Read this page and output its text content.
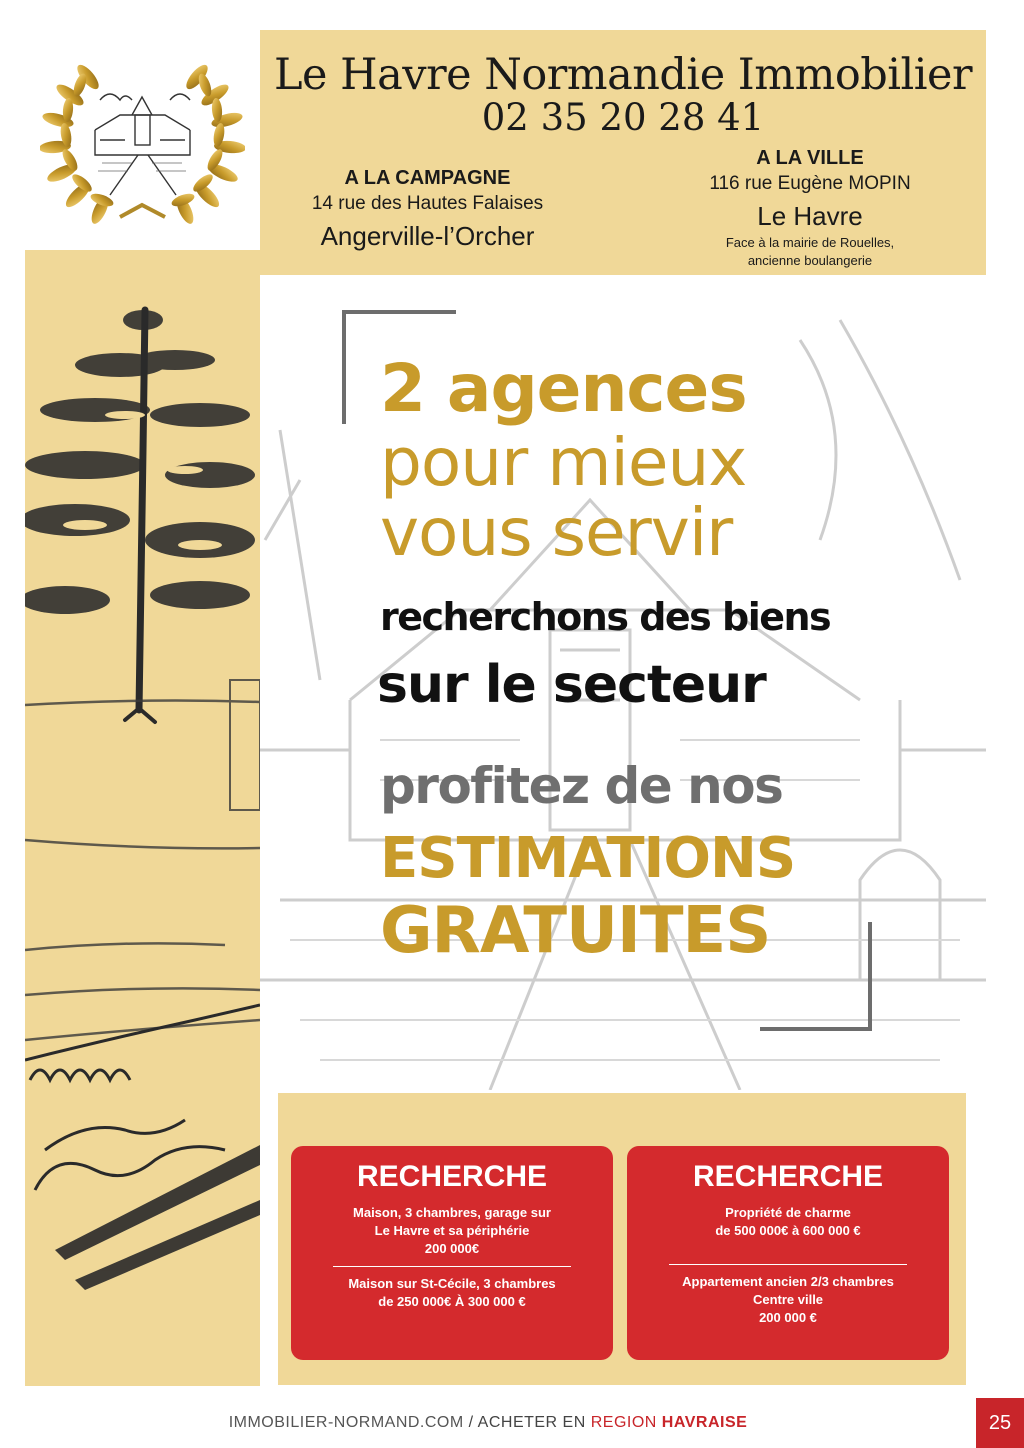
Le Havre Normandie Immobilier
02 35 20 28 41
A LA CAMPAGNE
14 rue des Hautes Falaises
Angerville-l’Orcher
A LA VILLE
116 rue Eugène MOPIN
Le Havre
Face à la mairie de Rouelles,
ancienne boulangerie
2 agences
pour mieux
vous servir
recherchons des biens
sur le secteur
profitez de nos
ESTIMATIONS
GRATUITES
RECHERCHE
Maison, 3 chambres, garage sur
Le Havre et sa périphérie
200 000€
Maison sur St-Cécile, 3 chambres
de 250 000€ À 300 000 €
RECHERCHE
Propriété de charme
de 500 000€ à 600 000 €
Appartement ancien 2/3 chambres
Centre ville
200 000 €
IMMOBILIER-NORMAND.COM / ACHETER EN REGION HAVRAISE	25
